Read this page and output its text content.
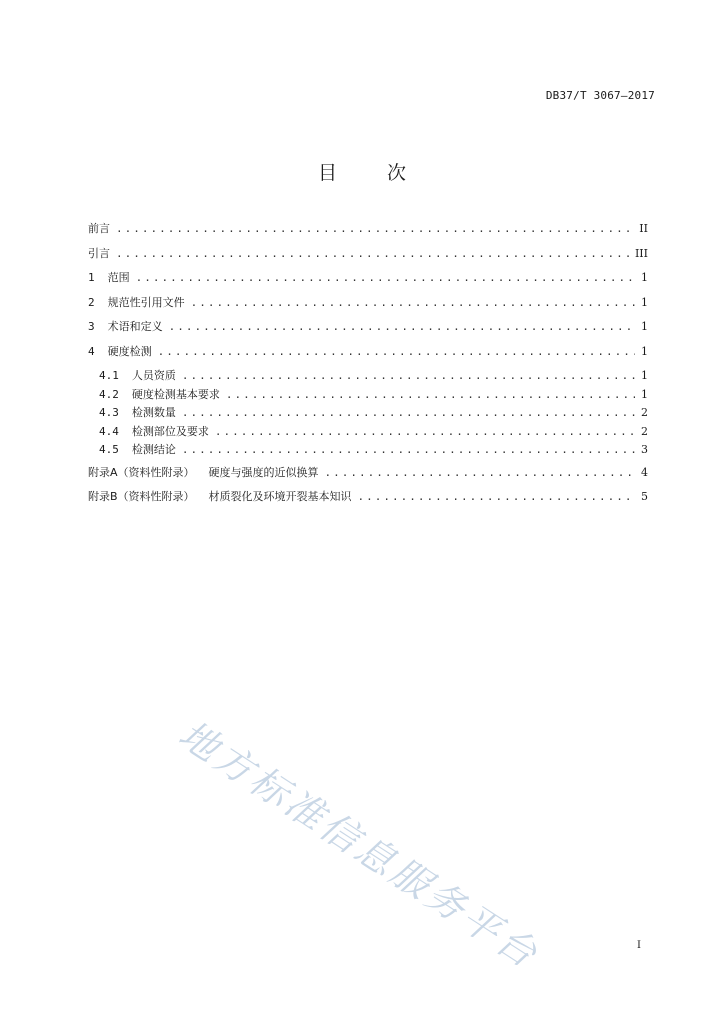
DB37/T 3067—2017
目 次
前言 .....	II
引言 .....	III
1 范围 .....	1
2 规范性引用文件 .....	1
3 术语和定义 .....	1
4 硬度检测 .....	1
4.1 人员资质 .....	1
4.2 硬度检测基本要求 .....	1
4.3 检测数量 .....	2
4.4 检测部位及要求 .....	2
4.5 检测结论 .....	3
附录A（资料性附录） 硬度与强度的近似换算 .....	4
附录B（资料性附录） 材质裂化及环境开裂基本知识 .....	5
地方标准信息服务平台	I
